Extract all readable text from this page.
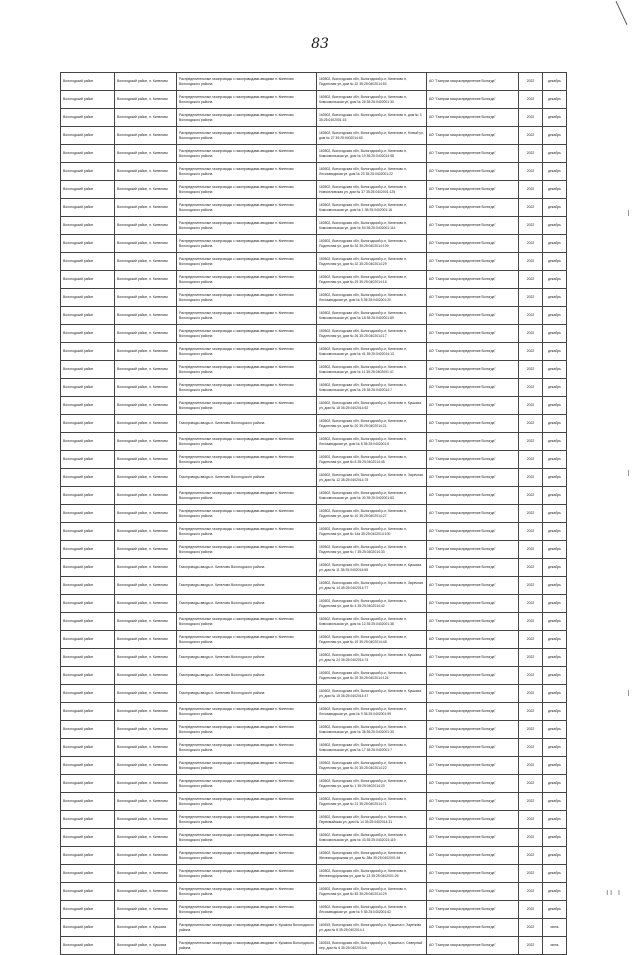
83
Вологодский район	Вологодский район, п. Кипелово	Распределительные газопроводы с газопроводами-вводами п. Кипелово Вологодского района	160502, Вологодская обл, Вологодский р-н, Кипелово п, Подлесная ул, дом № 22 35:25:0402014:50	АО "Газпром газораспределение Вологда"	2022	декабрь
Вологодский район	Вологодский район, п. Кипелово	Распределительные газопроводы с газопроводами-вводами п. Кипелово Вологодского района	160502, Вологодская обл, Вологодский р-н, Кипелово п, Комсомольская ул, дом № 26 35:25:0402001:30	АО "Газпром газораспределение Вологда"	2022	декабрь
Вологодский район	Вологодский район, п. Кипелово	Распределительные газопроводы с газопроводами-вводами п. Кипелово Вологодского района	160502, Вологодская обл, Вологодский р-н, Кипелово п, дом № 3 35:25:0402001:15	АО "Газпром газораспределение Вологда"	2022	декабрь
Вологодский район	Вологодский район, п. Кипелово	Распределительные газопроводы с газопроводами-вводами п. Кипелово Вологодского района	160502, Вологодская обл, Вологодский р-н, Кипелово п, Новый ул, дом № 27 35:25:0402014:60	АО "Газпром газораспределение Вологда"	2022	декабрь
Вологодский район	Вологодский район, п. Кипелово	Распределительные газопроводы с газопроводами-вводами п. Кипелово Вологодского района	160502, Вологодская обл, Вологодский р-н, Кипелово п, Комсомольская ул, дом № 19 35:25:0402014:58	АО "Газпром газораспределение Вологда"	2022	декабрь
Вологодский район	Вологодский район, п. Кипелово	Распределительные газопроводы с газопроводами-вводами п. Кипелово Вологодского района	160502, Вологодская обл, Вологодский р-н, Кипелово п, Лесозаводская ул, дом № 23 35:25:0402001:22	АО "Газпром газораспределение Вологда"	2022	декабрь
Вологодский район	Вологодский район, п. Кипелово	Распределительные газопроводы с газопроводами-вводами п. Кипелово Вологодского района	160502, Вологодская обл, Вологодский р-н, Кипелово п, Новоселовская ул, дом № 37 35:25:0402001:125	АО "Газпром газораспределение Вологда"	2022	декабрь
Вологодский район	Вологодский район, п. Кипелово	Распределительные газопроводы с газопроводами-вводами п. Кипелово Вологодского района	160502, Вологодская обл, Вологодский р-н, Кипелово п, Комсомольская ул, дом № 1 35:25:0402001:16	АО "Газпром газораспределение Вологда"	2022	декабрь
Вологодский район	Вологодский район, п. Кипелово	Распределительные газопроводы с газопроводами-вводами п. Кипелово Вологодского района	160502, Вологодская обл, Вологодский р-н, Кипелово п, Комсомольская ул, дом № 54 35:25:0402001:114	АО "Газпром газораспределение Вологда"	2022	декабрь
Вологодский район	Вологодский район, п. Кипелово	Распределительные газопроводы с газопроводами-вводами п. Кипелово Вологодского района	160502, Вологодская обл, Вологодский р-н, Кипелово п, Подлесная ул, дом № 34 35:25:0402014:109	АО "Газпром газораспределение Вологда"	2022	декабрь
Вологодский район	Вологодский район, п. Кипелово	Распределительные газопроводы с газопроводами-вводами п. Кипелово Вологодского района	160502, Вологодская обл, Вологодский р-н, Кипелово п, Подлесная ул, дом № 32 35:25:0402014:29	АО "Газпром газораспределение Вологда"	2022	декабрь
Вологодский район	Вологодский район, п. Кипелово	Распределительные газопроводы с газопроводами-вводами п. Кипелово Вологодского района	160502, Вологодская обл, Вологодский р-н, Кипелово п, Подлесная ул, дом № 29 35:25:0402014:16	АО "Газпром газораспределение Вологда"	2022	декабрь
Вологодский район	Вологодский район, п. Кипелово	Распределительные газопроводы с газопроводами-вводами п. Кипелово Вологодского района	160502, Вологодская обл, Вологодский р-н, Кипелово п, Лесозаводская ул, дом № 5 35:25:0402001:20	АО "Газпром газораспределение Вологда"	2022	декабрь
Вологодский район	Вологодский район, п. Кипелово	Распределительные газопроводы с газопроводами-вводами п. Кипелово Вологодского района	160502, Вологодская обл, Вологодский р-н, Кипелово п, Комсомольская ул, дом № 18 35:25:0402001:89	АО "Газпром газораспределение Вологда"	2022	декабрь
Вологодский район	Вологодский район, п. Кипелово	Распределительные газопроводы с газопроводами-вводами п. Кипелово Вологодского района	160502, Вологодская обл, Вологодский р-н, Кипелово п, Подлесная ул, дом № 26 35:25:0402014:17	АО "Газпром газораспределение Вологда"	2022	декабрь
Вологодский район	Вологодский район, п. Кипелово	Распределительные газопроводы с газопроводами-вводами п. Кипелово Вологодского района	160502, Вологодская обл, Вологодский р-н, Кипелово п, Комсомольская ул, дом № 41 35:25:0402014:13	АО "Газпром газораспределение Вологда"	2022	декабрь
Вологодский район	Вологодский район, п. Кипелово	Распределительные газопроводы с газопроводами-вводами п. Кипелово Вологодского района	160502, Вологодская обл, Вологодский р-н, Кипелово п, Комсомольская ул, дом № 11 35:25:0402001:47	АО "Газпром газораспределение Вологда"	2022	декабрь
Вологодский район	Вологодский район, п. Кипелово	Распределительные газопроводы с газопроводами-вводами п. Кипелово Вологодского района	160502, Вологодская обл, Вологодский р-н, Кипелово п, Комсомольская ул, дом № 25 35:25:0402014:7	АО "Газпром газораспределение Вологда"	2022	декабрь
Вологодский район	Вологодский район, п. Кипелово	Распределительные газопроводы с газопроводами-вводами п. Кипелово Вологодского района	160502, Вологодская обл, Вологодский р-н, Кипелово п, Кукшиха ул, дом № 18 35:25:0402014:52	АО "Газпром газораспределение Вологда"	2022	декабрь
Вологодский район	Вологодский район, п. Кипелово	Газопроводы-вводы п. Кипелово Вологодского района	160502, Вологодская обл, Вологодский р-н, Кипелово п, Подлесная ул, дом № 20 35:25:0402014:21	АО "Газпром газораспределение Вологда"	2022	декабрь
Вологодский район	Вологодский район, п. Кипелово	Распределительные газопроводы с газопроводами-вводами п. Кипелово Вологодского района	160502, Вологодская обл, Вологодский р-н, Кипелово п, Лесозаводская ул, дом № 8 35:25:0402001:6	АО "Газпром газораспределение Вологда"	2022	декабрь
Вологодский район	Вологодский район, п. Кипелово	Распределительные газопроводы с газопроводами-вводами п. Кипелово Вологодского района	160502, Вологодская обл, Вологодский р-н, Кипелово п, Подлесная ул, дом № 8 35:25:0402014:45	АО "Газпром газораспределение Вологда"	2022	декабрь
Вологодский район	Вологодский район, п. Кипелово	Газопроводы-вводы п. Кипелово Вологодского района	160502, Вологодская обл, Вологодский р-н, Кипелово п, Заречная ул, дом № 12 35:25:0402014:75	АО "Газпром газораспределение Вологда"	2022	декабрь
Вологодский район	Вологодский район, п. Кипелово	Распределительные газопроводы с газопроводами-вводами п. Кипелово Вологодского района	160502, Вологодская обл, Вологодский р-н, Кипелово п, Комсомольская ул, дом № 30 35:25:0402001:83	АО "Газпром газораспределение Вологда"	2022	декабрь
Вологодский район	Вологодский район, п. Кипелово	Распределительные газопроводы с газопроводами-вводами п. Кипелово Вологодского района	160502, Вологодская обл, Вологодский р-н, Кипелово п, Подлесная ул, дом № 10 35:25:0402014:27	АО "Газпром газораспределение Вологда"	2022	декабрь
Вологодский район	Вологодский район, п. Кипелово	Распределительные газопроводы с газопроводами-вводами п. Кипелово Вологодского района	160502, Вологодская обл, Вологодский р-н, Кипелово п, Подлесная ул, дом № 14а 35:25:0402014:100	АО "Газпром газораспределение Вологда"	2022	декабрь
Вологодский район	Вологодский район, п. Кипелово	Распределительные газопроводы с газопроводами-вводами п. Кипелово Вологодского района	160502, Вологодская обл, Вологодский р-н, Кипелово п, Подлесная ул, дом № 7 35:25:0402014:33	АО "Газпром газораспределение Вологда"	2022	декабрь
Вологодский район	Вологодский район, п. Кипелово	Газопроводы-вводы п. Кипелово Вологодского района	160502, Вологодская обл, Вологодский р-н, Кипелово п, Кукшиха ул, дом № 11 35:25:0402014:65	АО "Газпром газораспределение Вологда"	2022	декабрь
Вологодский район	Вологодский район, п. Кипелово	Газопроводы-вводы п. Кипелово Вологодского района	160502, Вологодская обл, Вологодский р-н, Кипелово п, Заречная ул, дом № 14 35:25:0402014:77	АО "Газпром газораспределение Вологда"	2022	декабрь
Вологодский район	Вологодский район, п. Кипелово	Газопроводы-вводы п. Кипелово Вологодского района	160502, Вологодская обл, Вологодский р-н, Кипелово п, Подлесная ул, дом № 4 35:25:0402014:42	АО "Газпром газораспределение Вологда"	2022	декабрь
Вологодский район	Вологодский район, п. Кипелово	Распределительные газопроводы с газопроводами-вводами п. Кипелово Вологодского района	160502, Вологодская обл, Вологодский р-н, Кипелово п, Комсомольская ул, дом № 12 35:25:0402001:38	АО "Газпром газораспределение Вологда"	2022	декабрь
Вологодский район	Вологодский район, п. Кипелово	Распределительные газопроводы с газопроводами-вводами п. Кипелово Вологодского района	160502, Вологодская обл, Вологодский р-н, Кипелово п, Подлесная ул, дом № 19 35:25:0402014:48	АО "Газпром газораспределение Вологда"	2022	декабрь
Вологодский район	Вологодский район, п. Кипелово	Газопроводы-вводы п. Кипелово Вологодского района	160502, Вологодская обл, Вологодский р-н, Кипелово п, Кукшиха ул, дом № 24 35:25:0402014:74	АО "Газпром газораспределение Вологда"	2022	декабрь
Вологодский район	Вологодский район, п. Кипелово	Газопроводы-вводы п. Кипелово Вологодского района	160502, Вологодская обл, Вологодский р-н, Кипелово п, Подлесная ул, дом № 25 35:25:0402014:124	АО "Газпром газораспределение Вологда"	2022	декабрь
Вологодский район	Вологодский район, п. Кипелово	Газопроводы-вводы п. Кипелово Вологодского района	160502, Вологодская обл, Вологодский р-н, Кипелово п, Кукшиха ул, дом № 15 35:25:0402014:47	АО "Газпром газораспределение Вологда"	2022	декабрь
Вологодский район	Вологодский район, п. Кипелово	Распределительные газопроводы с газопроводами-вводами п. Кипелово Вологодского района	160502, Вологодская обл, Вологодский р-н, Кипелово п, Лесозаводская ул, дом № 9 35:25:0402001:99	АО "Газпром газораспределение Вологда"	2022	декабрь
Вологодский район	Вологодский район, п. Кипелово	Распределительные газопроводы с газопроводами-вводами п. Кипелово Вологодского района	160502, Вологодская обл, Вологодский р-н, Кипелово п, Комсомольская ул, дом № 38 35:25:0402001:30	АО "Газпром газораспределение Вологда"	2022	декабрь
Вологодский район	Вологодский район, п. Кипелово	Распределительные газопроводы с газопроводами-вводами п. Кипелово Вологодского района	160502, Вологодская обл, Вологодский р-н, Кипелово п, Комсомольская ул, дом № 17 35:25:0402001:7	АО "Газпром газораспределение Вологда"	2022	декабрь
Вологодский район	Вологодский район, п. Кипелово	Распределительные газопроводы с газопроводами-вводами п. Кипелово Вологодского района	160502, Вологодская обл, Вологодский р-н, Кипелово п, Подлесная ул, дом № 20 35:25:0402014:22	АО "Газпром газораспределение Вологда"	2022	декабрь
Вологодский район	Вологодский район, п. Кипелово	Распределительные газопроводы с газопроводами-вводами п. Кипелово Вологодского района	160502, Вологодская обл, Вологодский р-н, Кипелово п, Подлесная ул, дом № 1 35:25:0402014:20	АО "Газпром газораспределение Вологда"	2022	декабрь
Вологодский район	Вологодский район, п. Кипелово	Распределительные газопроводы с газопроводами-вводами п. Кипелово Вологодского района	160502, Вологодская обл, Вологодский р-н, Кипелово п, Подлесная ул, дом № 21 35:25:0402014:71	АО "Газпром газораспределение Вологда"	2022	декабрь
Вологодский район	Вологодский район, п. Кипелово	Распределительные газопроводы с газопроводами-вводами п. Кипелово Вологодского района	160502, Вологодская обл, Вологодский р-н, Кипелово п, Первомайская ул, дом № 14 35:25:0402014:31	АО "Газпром газораспределение Вологда"	2022	декабрь
Вологодский район	Вологодский район, п. Кипелово	Распределительные газопроводы с газопроводами-вводами п. Кипелово Вологодского района	160502, Вологодская обл, Вологодский р-н, Кипелово п, Комсомольская ул, дом № 43 35:25:0402014:119	АО "Газпром газораспределение Вологда"	2022	декабрь
Вологодский район	Вологодский район, п. Кипелово	Распределительные газопроводы с газопроводами-вводами п. Кипелово Вологодского района	160502, Вологодская обл, Вологодский р-н, Кипелово п, Железнодорожная ул, дом № 38а 35:25:0402001:54	АО "Газпром газораспределение Вологда"	2022	декабрь
Вологодский район	Вологодский район, п. Кипелово	Распределительные газопроводы с газопроводами-вводами п. Кипелово Вологодского района	160502, Вологодская обл, Вологодский р-н, Кипелово п, Железнодорожная ул, дом № 13 35:25:0402001:26	АО "Газпром газораспределение Вологда"	2022	декабрь
Вологодский район	Вологодский район, п. Кипелово	Распределительные газопроводы с газопроводами-вводами п. Кипелово Вологодского района	160502, Вологодская обл, Вологодский р-н, Кипелово п, Подлесная ул, дом № 45 35:25:0402014:29	АО "Газпром газораспределение Вологда"	2022	декабрь
Вологодский район	Вологодский район, п. Кипелово	Распределительные газопроводы с газопроводами-вводами п. Кипелово Вологодского района	160502, Вологодская обл, Вологодский р-н, Кипелово п, Лесозаводская ул, дом № 9 35:25:0402001:62	АО "Газпром газораспределение Вологда"	2022	декабрь
Вологодский район	Вологодский район, п. Кукшиха	Распределительные газопроводы с газопроводами-вводами п. Кукшиха Вологодского района	160515, Вологодская обл, Вологодский р-н, Кукшиха п, Заречная ул, дом № 8 35:25:0402014:1	АО "Газпром газораспределение Вологда"	2022	июнь
Вологодский район	Вологодский район, п. Кукшиха	Распределительные газопроводы с газопроводами-вводами п. Кукшиха Вологодского района	160515, Вологодская обл, Вологодский р-н, Кукшиха п, Северный пер, дом № 6 35:25:0402014:6	АО "Газпром газораспределение Вологда"	2022	июнь
II I
